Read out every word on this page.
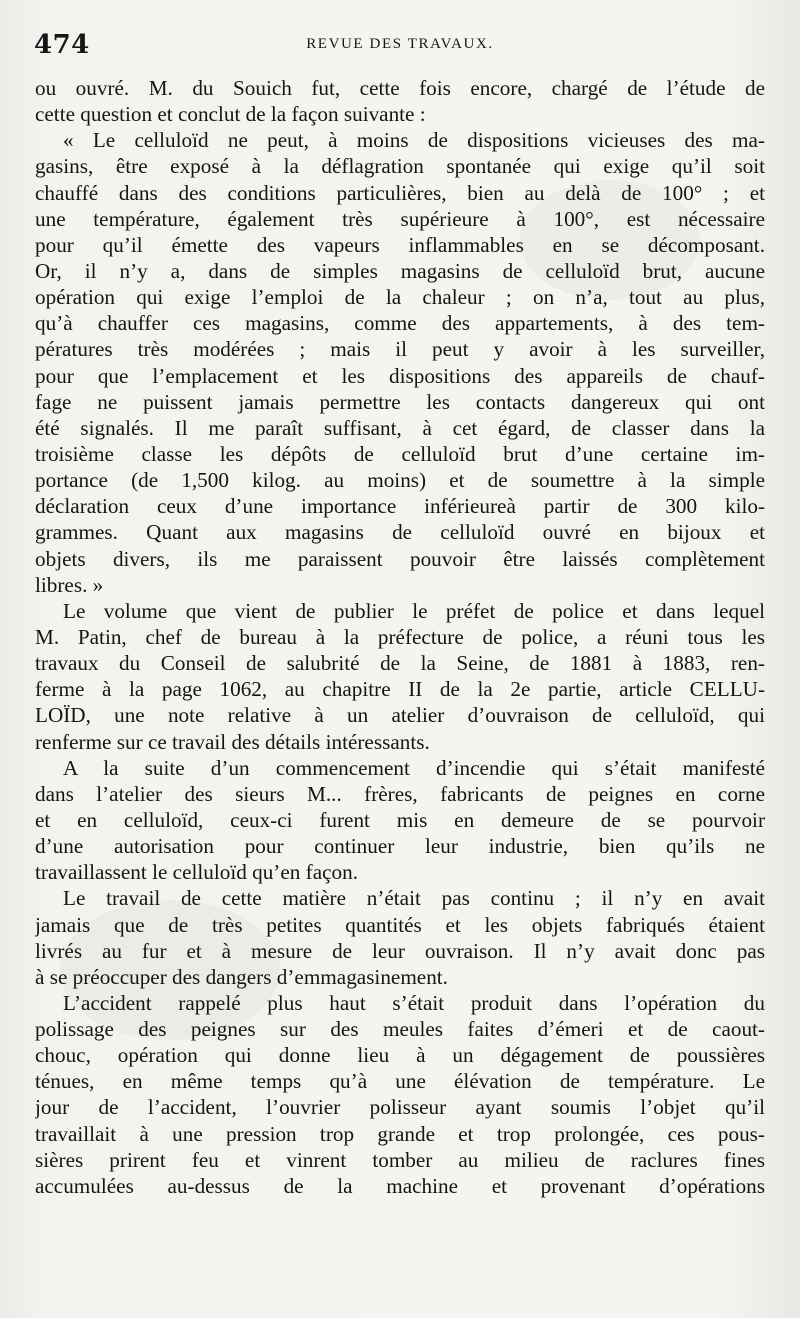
474	REVUE DES TRAVAUX.
ou ouvré. M. du Souich fut, cette fois encore, chargé de l’étude de
cette question et conclut de la façon suivante :
« Le celluloïd ne peut, à moins de dispositions vicieuses des ma-
gasins, être exposé à la déflagration spontanée qui exige qu’il soit
chauffé dans des conditions particulières, bien au delà de 100° ; et
une température, également très supérieure à 100°, est nécessaire
pour qu’il émette des vapeurs inflammables en se décomposant.
Or, il n’y a, dans de simples magasins de celluloïd brut, aucune
opération qui exige l’emploi de la chaleur ; on n’a, tout au plus,
qu’à chauffer ces magasins, comme des appartements, à des tem-
pératures très modérées ; mais il peut y avoir à les surveiller,
pour que l’emplacement et les dispositions des appareils de chauf-
fage ne puissent jamais permettre les contacts dangereux qui ont
été signalés. Il me paraît suffisant, à cet égard, de classer dans la
troisième classe les dépôts de celluloïd brut d’une certaine im-
portance (de 1,500 kilog. au moins) et de soumettre à la simple
déclaration ceux d’une importance inférieureà partir de 300 kilo-
grammes. Quant aux magasins de celluloïd ouvré en bijoux et
objets divers, ils me paraissent pouvoir être laissés complètement
libres. »
Le volume que vient de publier le préfet de police et dans lequel
M. Patin, chef de bureau à la préfecture de police, a réuni tous les
travaux du Conseil de salubrité de la Seine, de 1881 à 1883, ren-
ferme à la page 1062, au chapitre II de la 2e partie, article CELLU-
LOÏD, une note relative à un atelier d’ouvraison de celluloïd, qui
renferme sur ce travail des détails intéressants.
A la suite d’un commencement d’incendie qui s’était manifesté
dans l’atelier des sieurs M... frères, fabricants de peignes en corne
et en celluloïd, ceux-ci furent mis en demeure de se pourvoir
d’une autorisation pour continuer leur industrie, bien qu’ils ne
travaillassent le celluloïd qu’en façon.
Le travail de cette matière n’était pas continu ; il n’y en avait
jamais que de très petites quantités et les objets fabriqués étaient
livrés au fur et à mesure de leur ouvraison. Il n’y avait donc pas
à se préoccuper des dangers d’emmagasinement.
L’accident rappelé plus haut s’était produit dans l’opération du
polissage des peignes sur des meules faites d’émeri et de caout-
chouc, opération qui donne lieu à un dégagement de poussières
ténues, en même temps qu’à une élévation de température. Le
jour de l’accident, l’ouvrier polisseur ayant soumis l’objet qu’il
travaillait à une pression trop grande et trop prolongée, ces pous-
sières prirent feu et vinrent tomber au milieu de raclures fines
accumulées au-dessus de la machine et provenant d’opérations
